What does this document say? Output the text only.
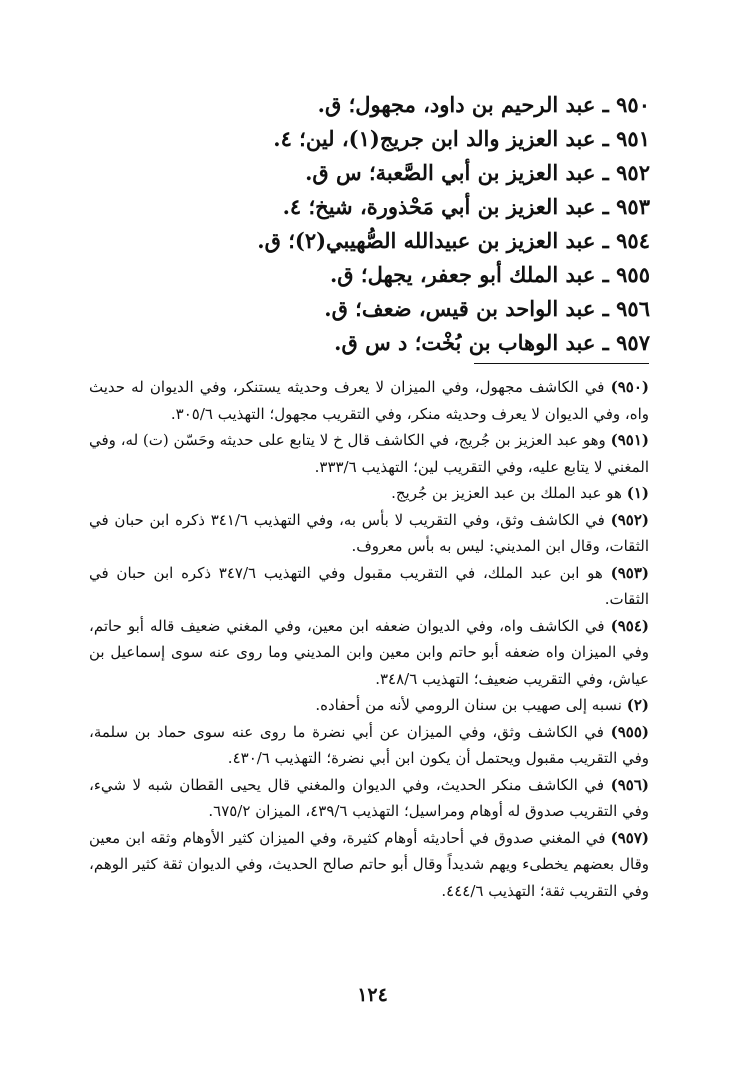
٩٥٠ ـ عبد الرحيم بن داود، مجهول؛ ق.
٩٥١ ـ عبد العزيز والد ابن جريج(١)، لين؛ ٤.
٩٥٢ ـ عبد العزيز بن أبي الصَّعبة؛ س ق.
٩٥٣ ـ عبد العزيز بن أبي مَحْذورة، شيخ؛ ٤.
٩٥٤ ـ عبد العزيز بن عبيدالله الصُّهيبي(٢)؛ ق.
٩٥٥ ـ عبد الملك أبو جعفر، يجهل؛ ق.
٩٥٦ ـ عبد الواحد بن قيس، ضعف؛ ق.
٩٥٧ ـ عبد الوهاب بن بُخْت؛ د س ق.

(٩٥٠) في الكاشف مجهول، وفي الميزان لا يعرف وحديثه يستنكر، وفي الديوان له حديث واه، وفي الديوان لا يعرف وحديثه منكر، وفي التقريب مجهول؛ التهذيب ٣٠٥/٦.

(٩٥١) وهو عبد العزيز بن جُريج، في الكاشف قال خ لا يتابع على حديثه وحَسّن (ت) له، وفي المغني لا يتابع عليه، وفي التقريب لين؛ التهذيب ٣٣٣/٦.

(١) هو عبد الملك بن عبد العزيز بن جُريج.

(٩٥٢) في الكاشف وثق، وفي التقريب لا بأس به، وفي التهذيب ٣٤١/٦ ذكره ابن حبان في الثقات، وقال ابن المديني: ليس به بأس معروف.

(٩٥٣) هو ابن عبد الملك، في التقريب مقبول وفي التهذيب ٣٤٧/٦ ذكره ابن حبان في الثقات.

(٩٥٤) في الكاشف واه، وفي الديوان ضعفه ابن معين، وفي المغني ضعيف قاله أبو حاتم، وفي الميزان واه ضعفه أبو حاتم وابن معين وابن المديني وما روى عنه سوى إسماعيل بن عياش، وفي التقريب ضعيف؛ التهذيب ٣٤٨/٦.

(٢) نسبه إلى صهيب بن سنان الرومي لأنه من أحفاده.

(٩٥٥) في الكاشف وثق، وفي الميزان عن أبي نضرة ما روى عنه سوى حماد بن سلمة، وفي التقريب مقبول ويحتمل أن يكون ابن أبي نضرة؛ التهذيب ٤٣٠/٦.

(٩٥٦) في الكاشف منكر الحديث، وفي الديوان والمغني قال يحيى القطان شبه لا شيء، وفي التقريب صدوق له أوهام ومراسيل؛ التهذيب ٤٣٩/٦، الميزان ٦٧٥/٢.

(٩٥٧) في المغني صدوق في أحاديثه أوهام كثيرة، وفي الميزان كثير الأوهام وثقه ابن معين وقال بعضهم يخطىء ويهم شديداً وقال أبو حاتم صالح الحديث، وفي الديوان ثقة كثير الوهم، وفي التقريب ثقة؛ التهذيب ٤٤٤/٦.

١٢٤
